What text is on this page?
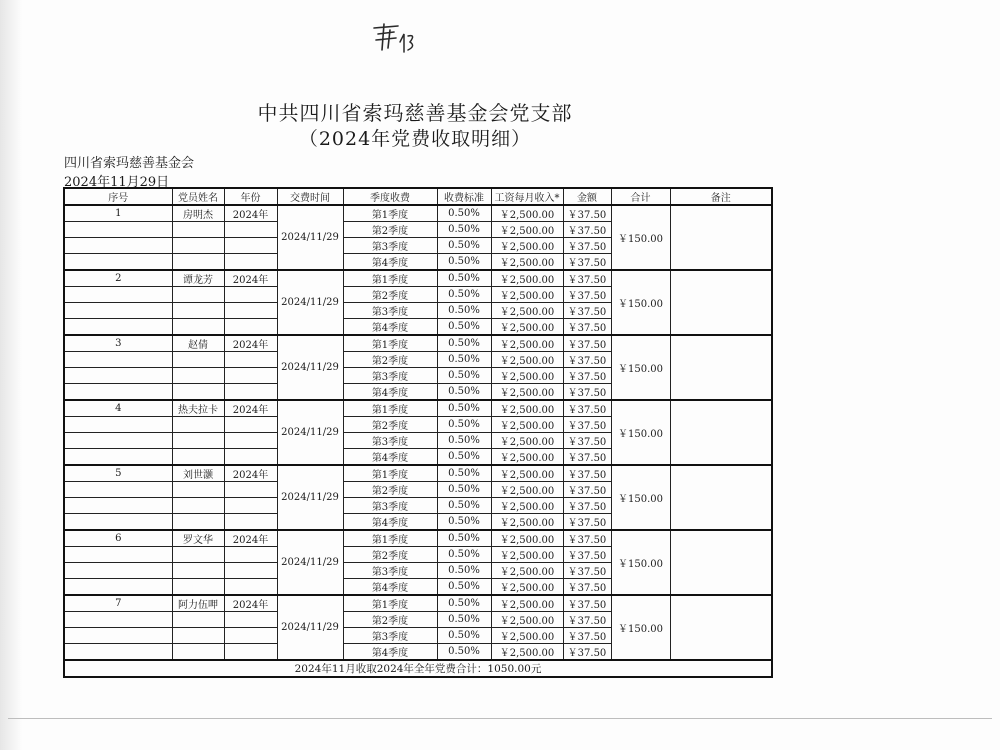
中共四川省索玛慈善基金会党支部
（2024年党费收取明细）
四川省索玛慈善基金会
2024年11月29日
序号	党员姓名	年份	交费时间	季度收费	收费标准	工资每月收入*	金额	合计	备注
1	房明杰	2024年	2024/11/29	第1季度	0.50%	￥2,500.00	￥37.50	￥150.00	
				第2季度	0.50%	￥2,500.00	￥37.50		
				第3季度	0.50%	￥2,500.00	￥37.50		
				第4季度	0.50%	￥2,500.00	￥37.50		
2	谭龙芳	2024年	2024/11/29	第1季度	0.50%	￥2,500.00	￥37.50	￥150.00	
				第2季度	0.50%	￥2,500.00	￥37.50		
				第3季度	0.50%	￥2,500.00	￥37.50		
				第4季度	0.50%	￥2,500.00	￥37.50		
3	赵倩	2024年	2024/11/29	第1季度	0.50%	￥2,500.00	￥37.50	￥150.00	
				第2季度	0.50%	￥2,500.00	￥37.50		
				第3季度	0.50%	￥2,500.00	￥37.50		
				第4季度	0.50%	￥2,500.00	￥37.50		
4	热夫拉卡	2024年	2024/11/29	第1季度	0.50%	￥2,500.00	￥37.50	￥150.00	
				第2季度	0.50%	￥2,500.00	￥37.50		
				第3季度	0.50%	￥2,500.00	￥37.50		
				第4季度	0.50%	￥2,500.00	￥37.50		
5	刘世灏	2024年	2024/11/29	第1季度	0.50%	￥2,500.00	￥37.50	￥150.00	
				第2季度	0.50%	￥2,500.00	￥37.50		
				第3季度	0.50%	￥2,500.00	￥37.50		
				第4季度	0.50%	￥2,500.00	￥37.50		
6	罗文华	2024年	2024/11/29	第1季度	0.50%	￥2,500.00	￥37.50	￥150.00	
				第2季度	0.50%	￥2,500.00	￥37.50		
				第3季度	0.50%	￥2,500.00	￥37.50		
				第4季度	0.50%	￥2,500.00	￥37.50		
7	阿力伍呷	2024年	2024/11/29	第1季度	0.50%	￥2,500.00	￥37.50	￥150.00	
				第2季度	0.50%	￥2,500.00	￥37.50		
				第3季度	0.50%	￥2,500.00	￥37.50		
				第4季度	0.50%	￥2,500.00	￥37.50		
2024年11月收取2024年全年党费合计：1050.00元									
